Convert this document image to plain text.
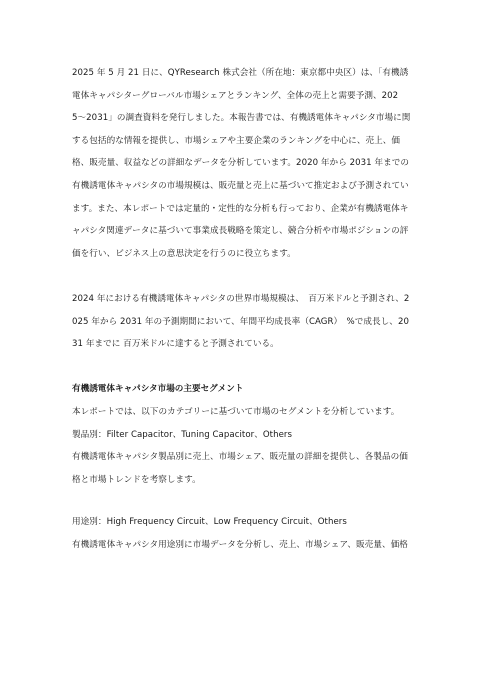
2025 年 5 月 21 日に、QYResearch 株式会社（所在地：東京都中央区）は、「有機誘電体キャパシターグローバル市場シェアとランキング、全体の売上と需要予測、2025〜2031」の調査資料を発行しました。本報告書では、有機誘電体キャパシタ市場に関する包括的な情報を提供し、市場シェアや主要企業のランキングを中心に、売上、価格、販売量、収益などの詳細なデータを分析しています。2020 年から 2031 年までの有機誘電体キャパシタの市場規模は、販売量と売上に基づいて推定および予測されています。また、本レポートでは定量的・定性的な分析も行っており、企業が有機誘電体キャパシタ関連データに基づいて事業成長戦略を策定し、競合分析や市場ポジションの評価を行い、ビジネス上の意思決定を行うのに役立ちます。

2024 年における有機誘電体キャパシタの世界市場規模は、　百万米ドルと予測され、2025 年から 2031 年の予測期間において、年間平均成長率（CAGR）　%で成長し、2031 年までに 百万米ドルに達すると予測されている。

有機誘電体キャパシタ市場の主要セグメント

本レポートでは、以下のカテゴリーに基づいて市場のセグメントを分析しています。

製品別：Filter Capacitor、Tuning Capacitor、Others

有機誘電体キャパシタ製品別に売上、市場シェア、販売量の詳細を提供し、各製品の価格と市場トレンドを考察します。

用途別：High Frequency Circuit、Low Frequency Circuit、Others

有機誘電体キャパシタ用途別に市場データを分析し、売上、市場シェア、販売量、価格
